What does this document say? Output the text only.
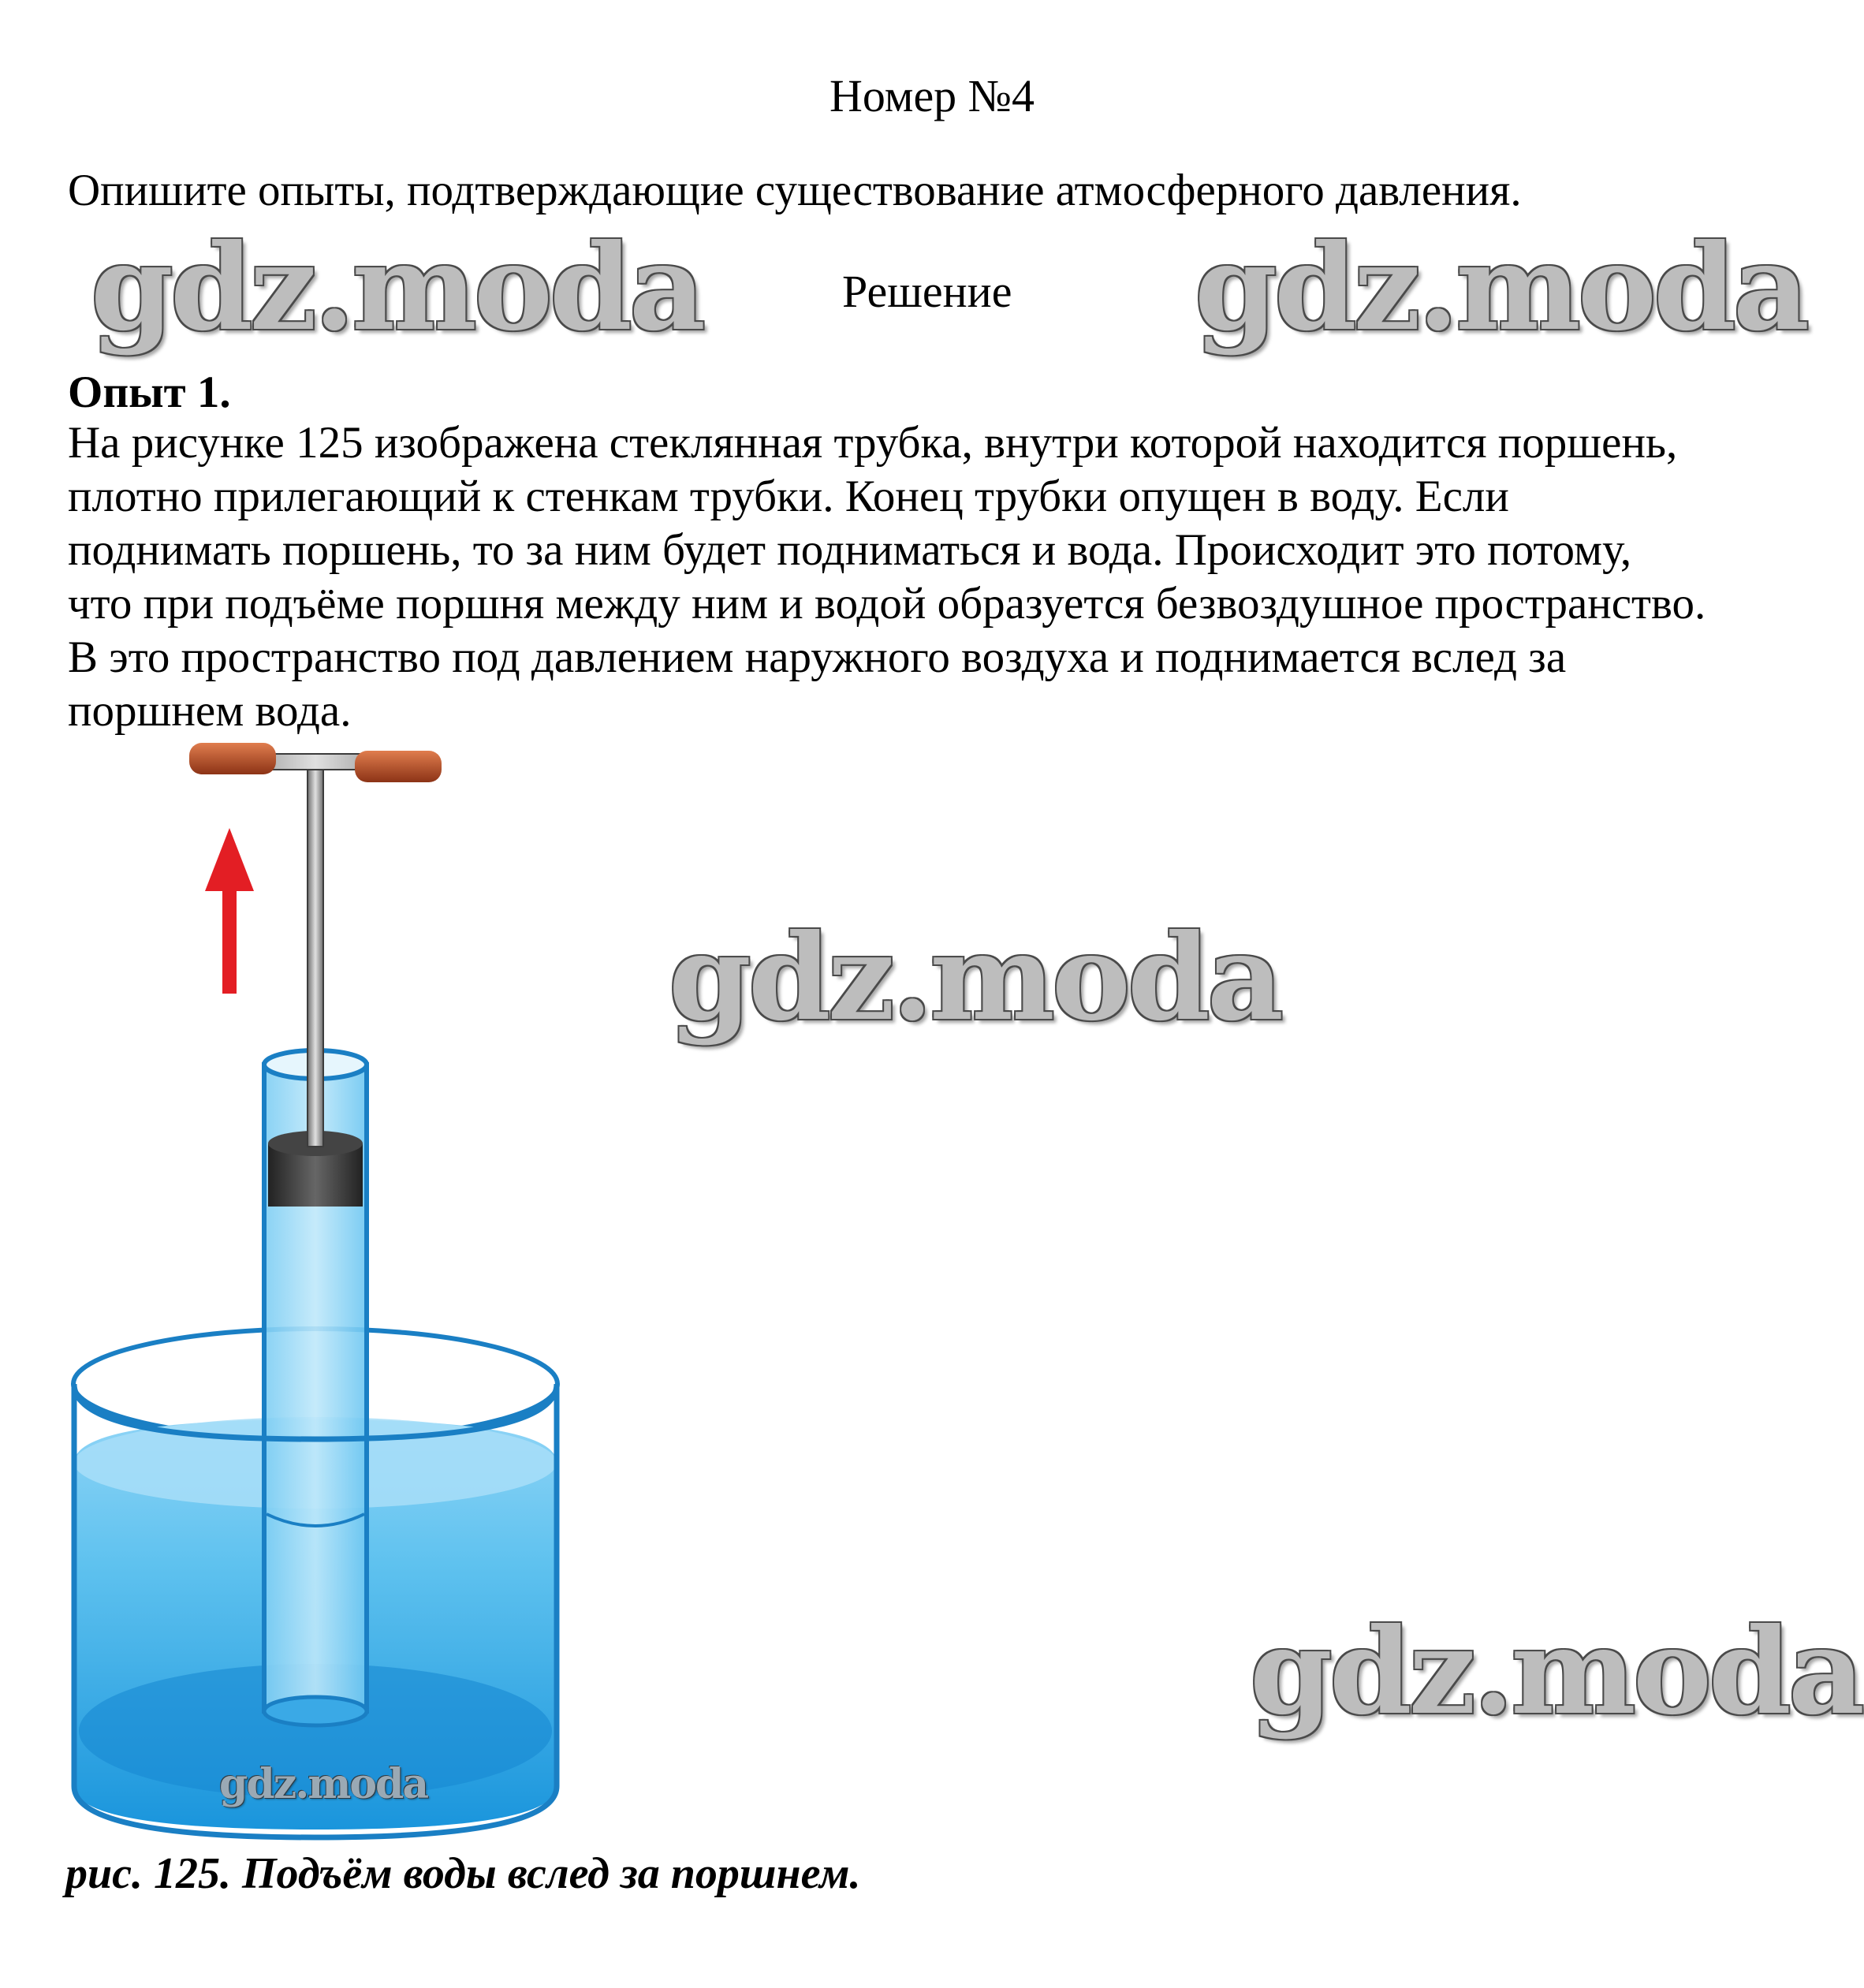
Номер №4
Опишите опыты, подтверждающие существование атмосферного давления.
Решение
gdz.moda	gdz.moda
Опыт 1.
На рисунке 125 изображена стеклянная трубка, внутри которой находится поршень,
плотно прилегающий к стенкам трубки. Конец трубки опущен в воду. Если
поднимать поршень, то за ним будет подниматься и вода. Происходит это потому,
что при подъёме поршня между ним и водой образуется безвоздушное пространство.
В это пространство под давлением наружного воздуха и поднимается вслед за
поршнем вода.
gdz.moda
gdz.moda
gdz.moda
рис. 125. Подъём воды вслед за поршнем.
